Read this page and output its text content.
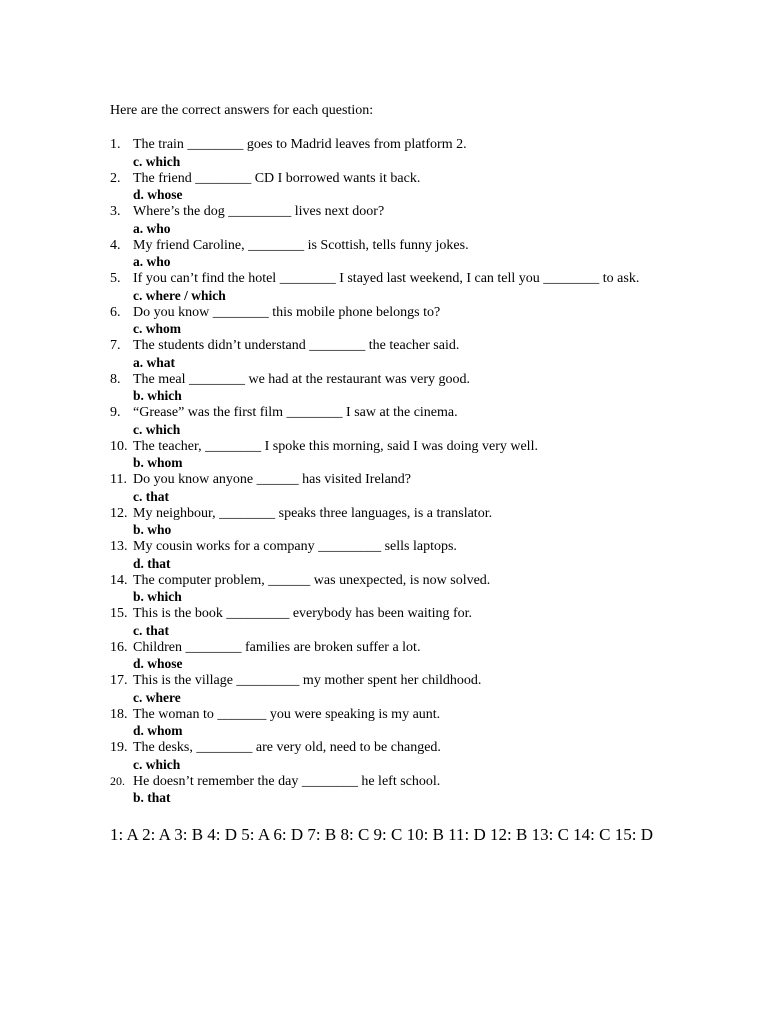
Here are the correct answers for each question:
1. The train ________ goes to Madrid leaves from platform 2.
c. which
2. The friend ________ CD I borrowed wants it back.
d. whose
3. Where’s the dog _________ lives next door?
a. who
4. My friend Caroline, ________ is Scottish, tells funny jokes.
a. who
5. If you can’t find the hotel ________ I stayed last weekend, I can tell you ________ to ask.
c. where / which
6. Do you know ________ this mobile phone belongs to?
c. whom
7. The students didn’t understand ________ the teacher said.
a. what
8. The meal ________ we had at the restaurant was very good.
b. which
9. “Grease” was the first film ________ I saw at the cinema.
c. which
10. The teacher, ________ I spoke this morning, said I was doing very well.
b. whom
11. Do you know anyone ______ has visited Ireland?
c. that
12. My neighbour, ________ speaks three languages, is a translator.
b. who
13. My cousin works for a company _________ sells laptops.
d. that
14. The computer problem, ______ was unexpected, is now solved.
b. which
15. This is the book _________ everybody has been waiting for.
c. that
16. Children ________ families are broken suffer a lot.
d. whose
17. This is the village _________ my mother spent her childhood.
c. where
18. The woman to _______ you were speaking is my aunt.
d. whom
19. The desks, ________ are very old, need to be changed.
c. which
20. He doesn’t remember the day ________ he left school.
b. that
1: A 2: A 3: B 4: D 5: A 6: D 7: B 8: C 9: C 10: B 11: D 12: B 13: C 14: C 15: D
